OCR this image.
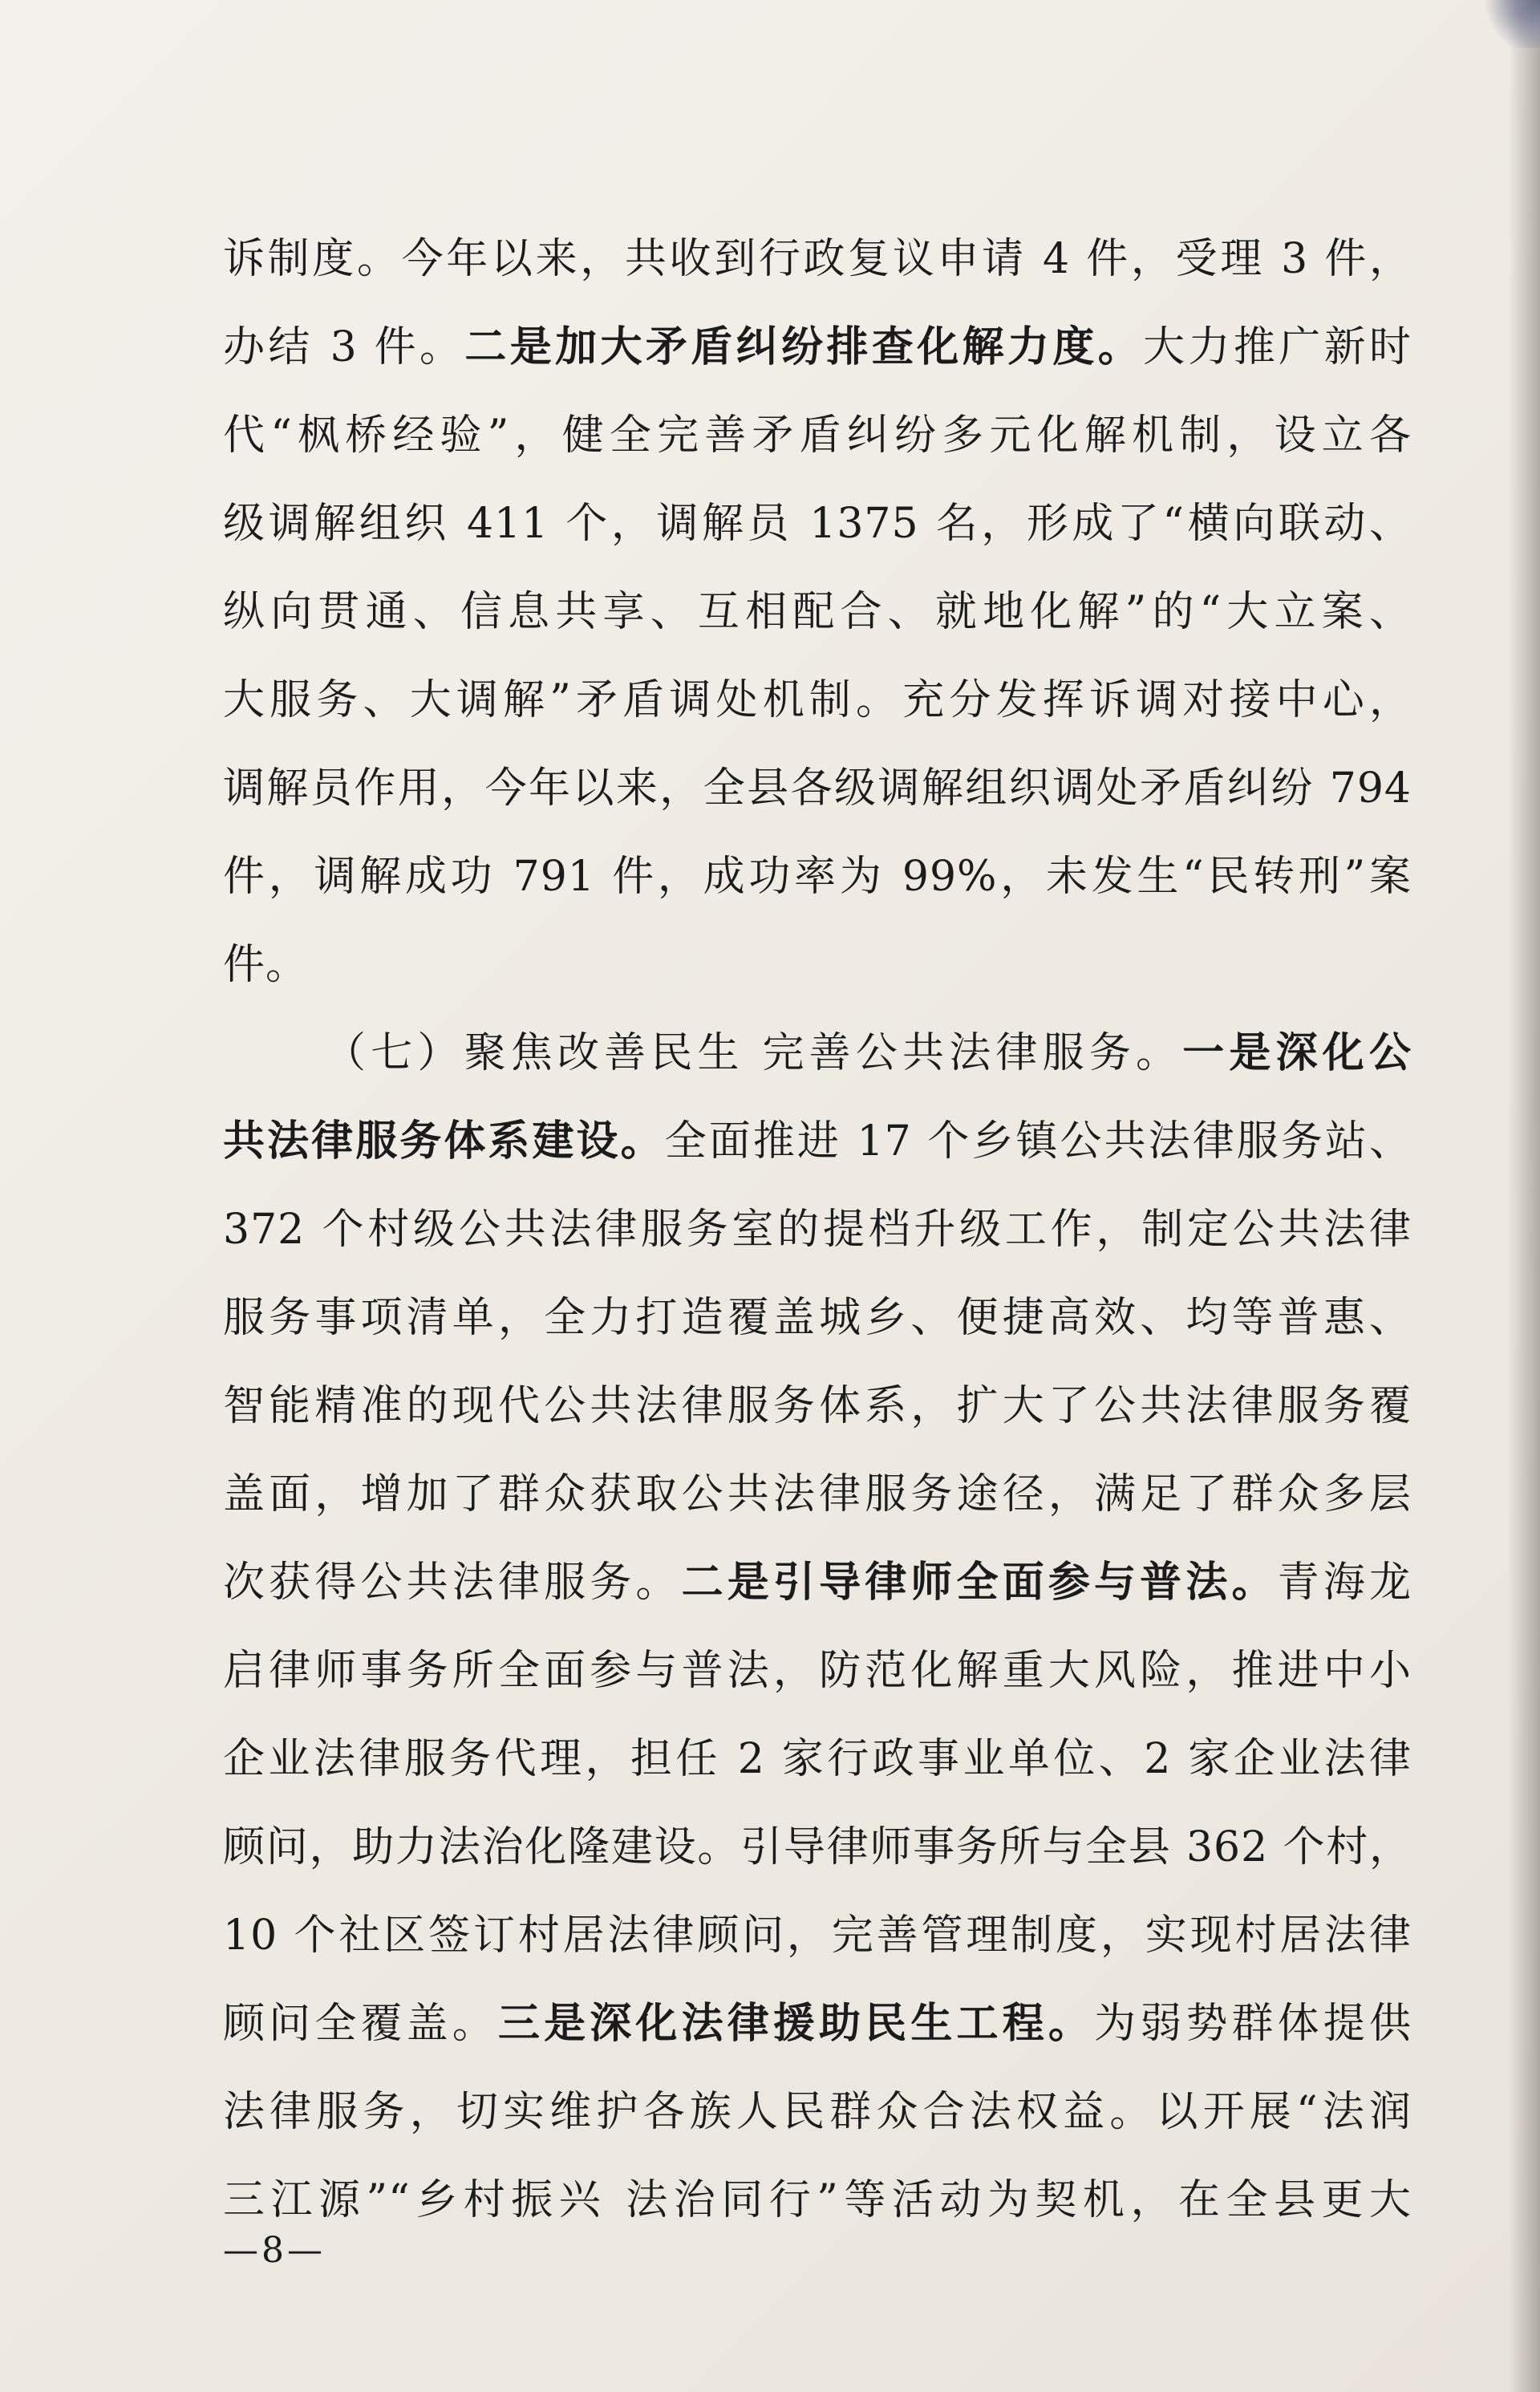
诉制度。今年以来，共收到行政复议申请 4 件，受理 3 件，
办结 3 件。二是加大矛盾纠纷排查化解力度。大力推广新时
代“枫桥经验”，健全完善矛盾纠纷多元化解机制，设立各
级调解组织 411 个，调解员 1375 名，形成了“横向联动、
纵向贯通、信息共享、互相配合、就地化解”的“大立案、
大服务、大调解”矛盾调处机制。充分发挥诉调对接中心，
调解员作用，今年以来，全县各级调解组织调处矛盾纠纷 794
件，调解成功 791 件，成功率为 99%，未发生“民转刑”案
件。
（七）聚焦改善民生 完善公共法律服务。一是深化公
共法律服务体系建设。全面推进 17 个乡镇公共法律服务站、
372 个村级公共法律服务室的提档升级工作，制定公共法律
服务事项清单，全力打造覆盖城乡、便捷高效、均等普惠、
智能精准的现代公共法律服务体系，扩大了公共法律服务覆
盖面，增加了群众获取公共法律服务途径，满足了群众多层
次获得公共法律服务。二是引导律师全面参与普法。青海龙
启律师事务所全面参与普法，防范化解重大风险，推进中小
企业法律服务代理，担任 2 家行政事业单位、2 家企业法律
顾问，助力法治化隆建设。引导律师事务所与全县 362 个村，
10 个社区签订村居法律顾问，完善管理制度，实现村居法律
顾问全覆盖。三是深化法律援助民生工程。为弱势群体提供
法律服务，切实维护各族人民群众合法权益。以开展“法润
三江源”“乡村振兴 法治同行”等活动为契机，在全县更大
—8—
